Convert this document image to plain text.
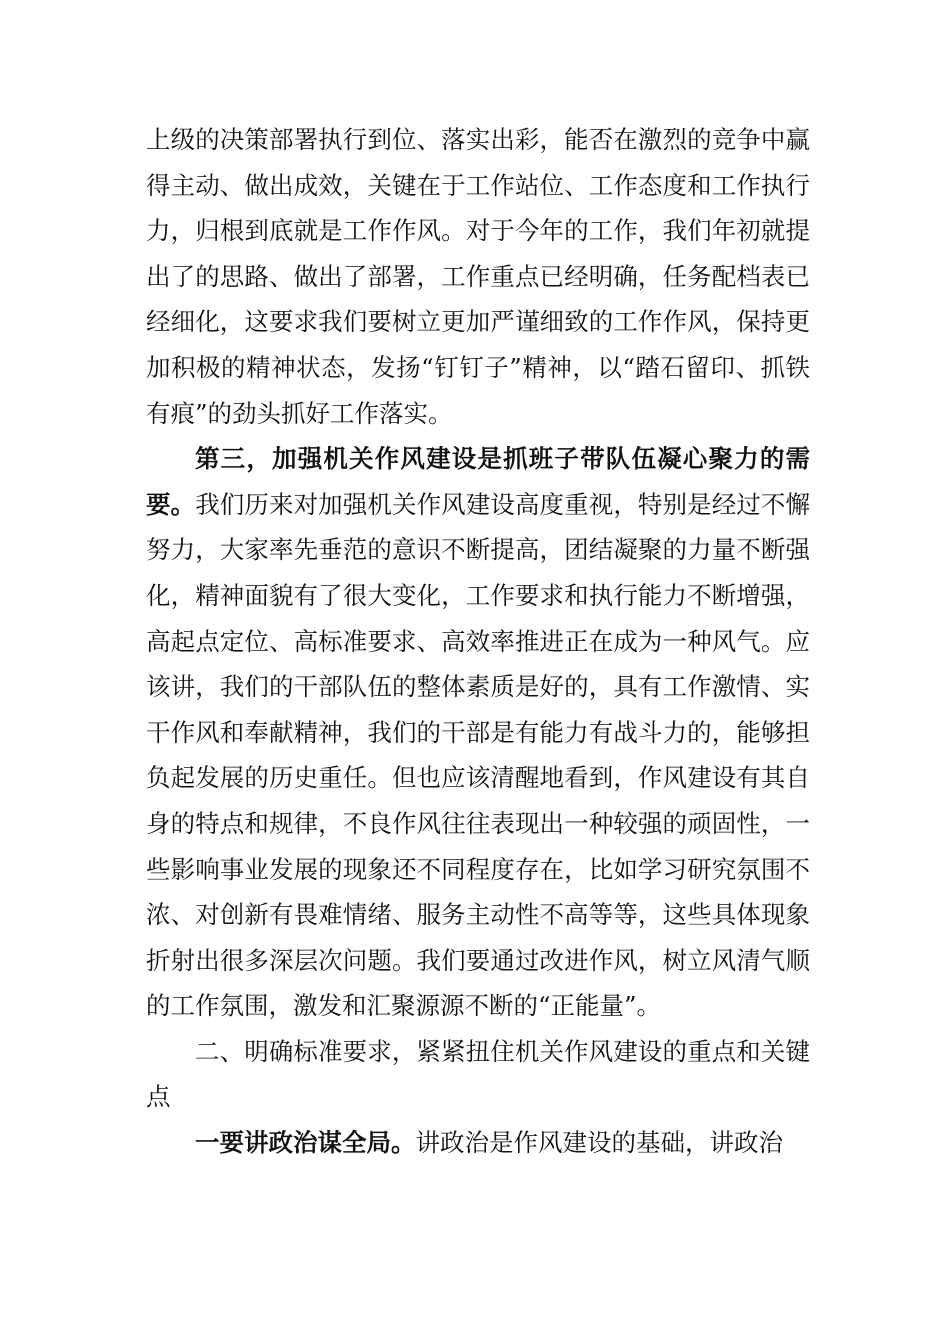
上级的决策部署执行到位、落实出彩，能否在激烈的竞争中赢得主动、做出成效，关键在于工作站位、工作态度和工作执行力，归根到底就是工作作风。对于今年的工作，我们年初就提出了的思路、做出了部署，工作重点已经明确，任务配档表已经细化，这要求我们要树立更加严谨细致的工作作风，保持更加积极的精神状态，发扬“钉钉子”精神，以“踏石留印、抓铁有痕”的劲头抓好工作落实。

第三，加强机关作风建设是抓班子带队伍凝心聚力的需要。我们历来对加强机关作风建设高度重视，特别是经过不懈努力，大家率先垂范的意识不断提高，团结凝聚的力量不断强化，精神面貌有了很大变化，工作要求和执行能力不断增强，高起点定位、高标准要求、高效率推进正在成为一种风气。应该讲，我们的干部队伍的整体素质是好的，具有工作激情、实干作风和奉献精神，我们的干部是有能力有战斗力的，能够担负起发展的历史重任。但也应该清醒地看到，作风建设有其自身的特点和规律，不良作风往往表现出一种较强的顽固性，一些影响事业发展的现象还不同程度存在，比如学习研究氛围不浓、对创新有畏难情绪、服务主动性不高等等，这些具体现象折射出很多深层次问题。我们要通过改进作风，树立风清气顺的工作氛围，激发和汇聚源源不断的“正能量”。

二、明确标准要求，紧紧扭住机关作风建设的重点和关键点

一要讲政治谋全局。讲政治是作风建设的基础，讲政治
